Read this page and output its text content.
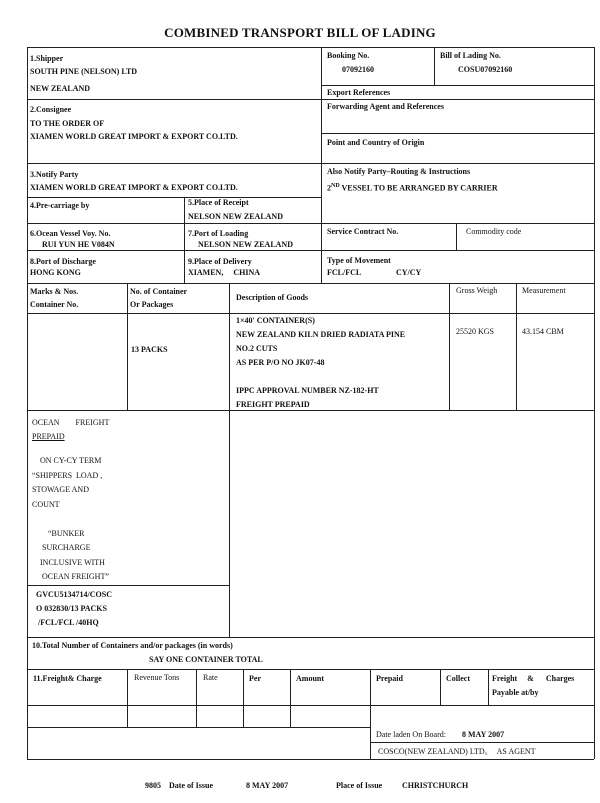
COMBINED TRANSPORT BILL OF LADING
1.Shipper
SOUTH PINE (NELSON) LTD
NEW ZEALAND
Booking No.
07092160
Bill of Lading No.
COSU07092160
Export References
2.Consignee
TO THE ORDER OF
XIAMEN WORLD GREAT IMPORT & EXPORT CO.LTD.
Forwarding Agent and References
Point and Country of Origin
3.Notify Party
XIAMEN WORLD GREAT IMPORT & EXPORT CO.LTD.
Also Notify Party–Routing & Instructions
2ND VESSEL TO BE ARRANGED BY CARRIER
4.Pre-carriage by	5.Place of Receipt
NELSON NEW ZEALAND
6.Ocean Vessel Voy. No.
RUI YUN HE V084N
7.Port of Loading
NELSON NEW ZEALAND
Service Contract No.	Commodity code
8.Port of Discharge
HONG KONG
9.Place of Delivery
XIAMEN,     CHINA
Type of Movement
FCL/FCL	CY/CY
Marks & Nos.
Container No.
No. of Container
Or Packages
Description of Goods
Gross Weigh	Measurement
13 PACKS
1×40' CONTAINER(S)
NEW ZEALAND KILN DRIED RADIATA PINE
NO.2 CUTS
AS PER P/O NO JK07-48
IPPC APPROVAL NUMBER NZ-182-HT
FREIGHT PREPAID
25520 KGS	43.154 CBM
OCEAN        FREIGHT
PREPAID
ON CY-CY TERM
“SHIPPERS  LOAD ,
STOWAGE AND
COUNT
“BUNKER
SURCHARGE
INCLUSIVE WITH
OCEAN FREIGHT”
GVCU5134714/COSC
O 032830/13 PACKS
/FCL/FCL /40HQ
10.Total Number of Containers and/or packages (in words)
SAY ONE CONTAINER TOTAL
11.Freight& Charge	Revenue Tons	Rate	Per	Amount	Prepaid	Collect	Freight     &      Charges
Payable at/by
Date laden On Board: 8 MAY 2007
COSCO(NEW ZEALAND) LTD。  AS AGENT
9805 Date of Issue	8 MAY 2007	Place of Issue CHRISTCHURCH
